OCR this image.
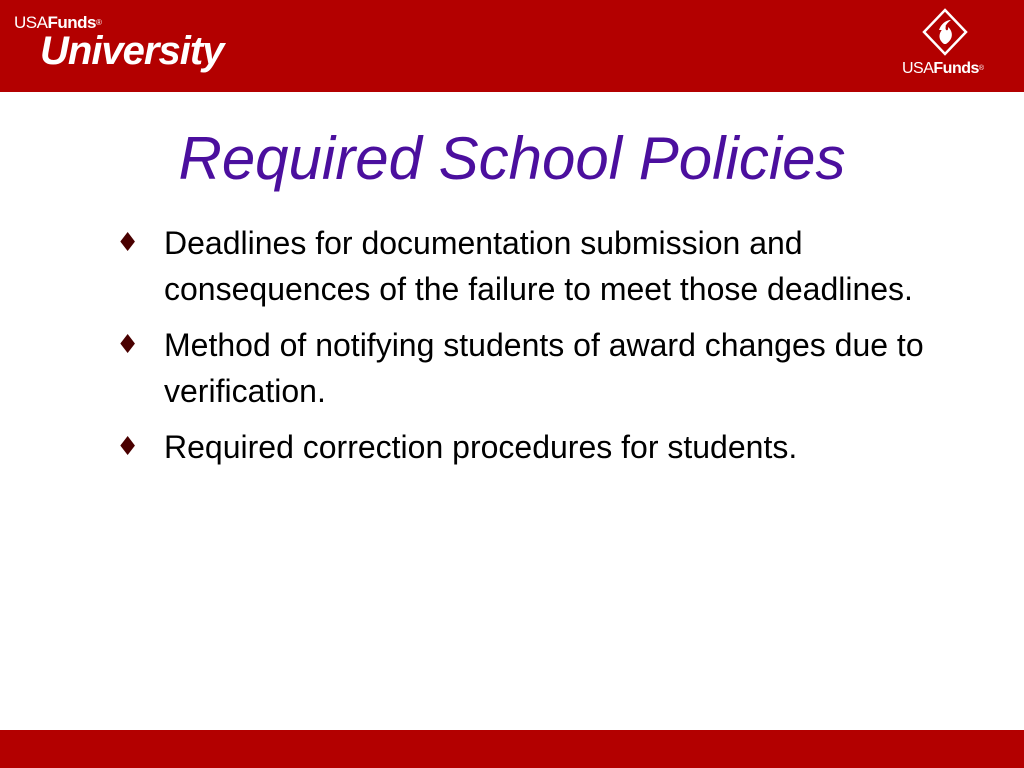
USAFunds®
University	USAFunds®
Required School Policies
♦ Deadlines for documentation submission and consequences of the failure to meet those deadlines.
♦ Method of notifying students of award changes due to verification.
♦ Required correction procedures for students.
